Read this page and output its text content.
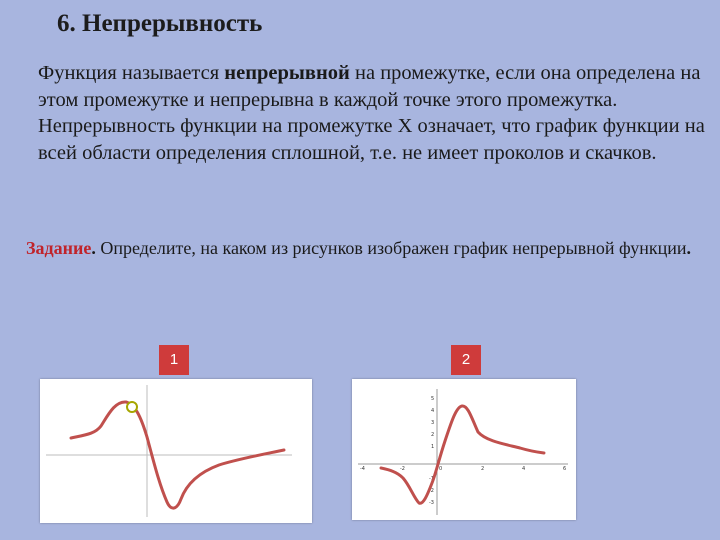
6. Непрерывность

Функция называется непрерывной на промежутке, если она определена на этом промежутке и непрерывна в каждой точке этого промежутка.

Непрерывность функции на промежутке Х означает, что график функции на всей области определения сплошной, т.е. не имеет проколов и скачков.

Задание. Определите, на каком из рисунков изображен график непрерывной функции.
1	2
-4	-2	0	2	4	6
5
4
3
2
1
-1
-2
-3
